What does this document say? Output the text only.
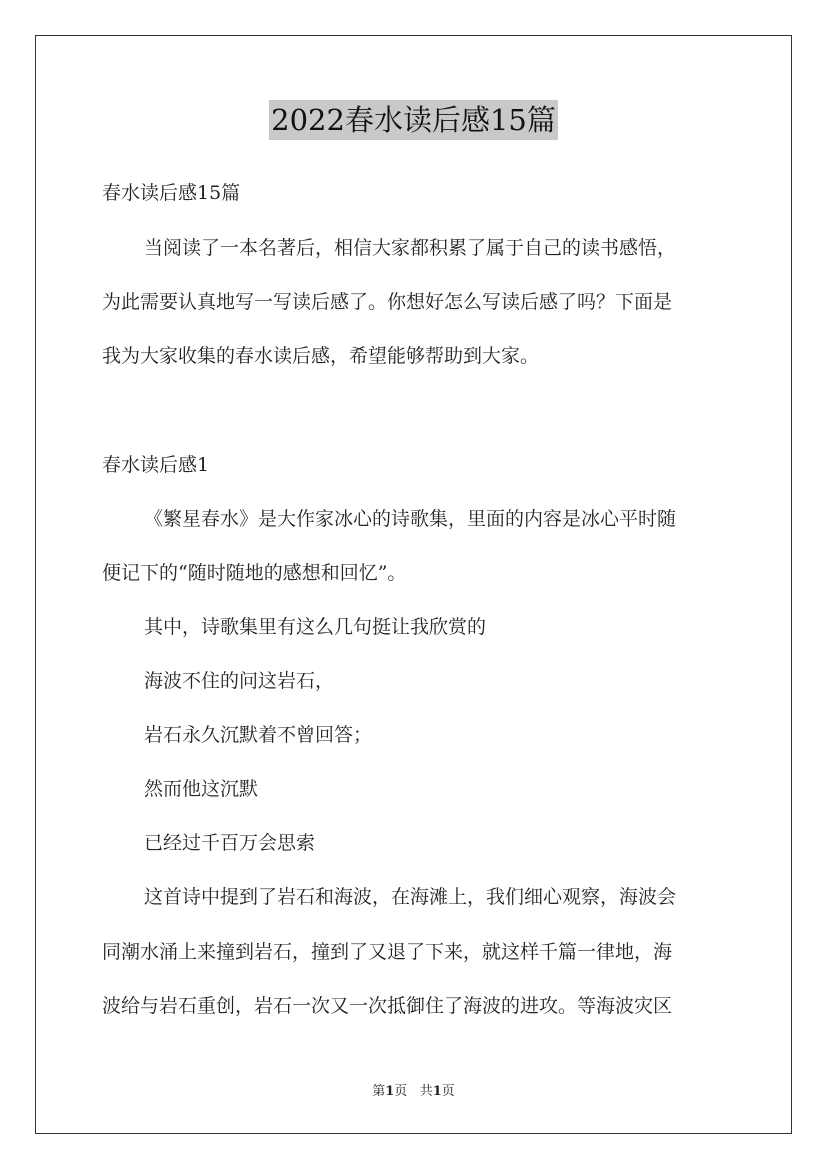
2022春水读后感15篇
春水读后感15篇
当阅读了一本名著后，相信大家都积累了属于自己的读书感悟，
为此需要认真地写一写读后感了。你想好怎么写读后感了吗？下面是
我为大家收集的春水读后感，希望能够帮助到大家。
春水读后感1
《繁星春水》是大作家冰心的诗歌集，里面的内容是冰心平时随
便记下的“随时随地的感想和回忆”。
其中，诗歌集里有这么几句挺让我欣赏的
海波不住的问这岩石，
岩石永久沉默着不曾回答；
然而他这沉默
已经过千百万会思索
这首诗中提到了岩石和海波，在海滩上，我们细心观察，海波会
同潮水涌上来撞到岩石，撞到了又退了下来，就这样千篇一律地，海
波给与岩石重创，岩石一次又一次抵御住了海波的进攻。等海波灾区
第1页 共1页
